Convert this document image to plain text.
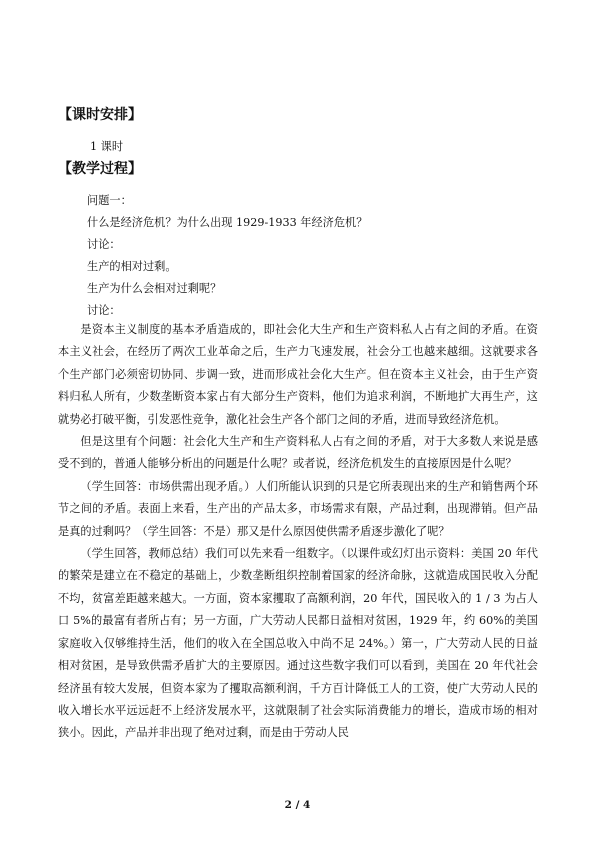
【课时安排】
1 课时
【教学过程】
问题一：
什么是经济危机？为什么出现 1929-1933 年经济危机？
讨论：
生产的相对过剩。
生产为什么会相对过剩呢？
讨论：

是资本主义制度的基本矛盾造成的，即社会化大生产和生产资料私人占有之间的矛盾。在资本主义社会，在经历了两次工业革命之后，生产力飞速发展，社会分工也越来越细。这就要求各个生产部门必须密切协同、步调一致，进而形成社会化大生产。但在资本主义社会，由于生产资料归私人所有，少数垄断资本家占有大部分生产资料，他们为追求利润，不断地扩大再生产，这就势必打破平衡，引发恶性竞争，激化社会生产各个部门之间的矛盾，进而导致经济危机。

但是这里有个问题：社会化大生产和生产资料私人占有之间的矛盾，对于大多数人来说是感受不到的，普通人能够分析出的问题是什么呢？或者说，经济危机发生的直接原因是什么呢？

（学生回答：市场供需出现矛盾。）人们所能认识到的只是它所表现出来的生产和销售两个环节之间的矛盾。表面上来看，生产出的产品太多，市场需求有限，产品过剩，出现滞销。但产品是真的过剩吗？（学生回答：不是）那又是什么原因使供需矛盾逐步激化了呢？

（学生回答，教师总结）我们可以先来看一组数字。（以课件或幻灯出示资料：美国 20 年代的繁荣是建立在不稳定的基础上，少数垄断组织控制着国家的经济命脉，这就造成国民收入分配不均，贫富差距越来越大。一方面，资本家攫取了高额利润，20 年代，国民收入的 1 / 3 为占人口 5%的最富有者所占有；另一方面，广大劳动人民都日益相对贫困，1929 年，约 60%的美国家庭收入仅够维持生活，他们的收入在全国总收入中尚不足 24%。）第一，广大劳动人民的日益相对贫困，是导致供需矛盾扩大的主要原因。通过这些数字我们可以看到，美国在 20 年代社会经济虽有较大发展，但资本家为了攫取高额利润，千方百计降低工人的工资，使广大劳动人民的收入增长水平远远赶不上经济发展水平，这就限制了社会实际消费能力的增长，造成市场的相对狭小。因此，产品并非出现了绝对过剩，而是由于劳动人民

2 / 4
